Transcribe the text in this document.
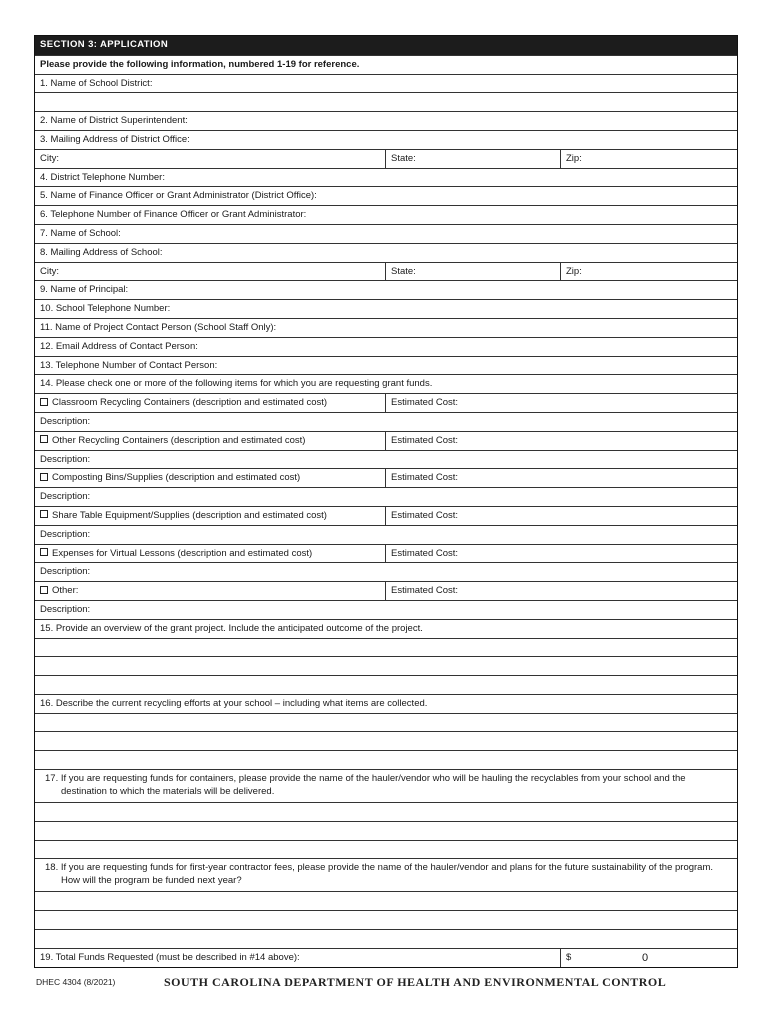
SECTION 3: APPLICATION
Please provide the following information, numbered 1-19 for reference.
1. Name of School District:
2. Name of District Superintendent:
3. Mailing Address of District Office:
City:	State:	Zip:
4. District Telephone Number:
5. Name of Finance Officer or Grant Administrator (District Office):
6. Telephone Number of Finance Officer or Grant Administrator:
7. Name of School:
8. Mailing Address of School:
City:	State:	Zip:
9. Name of Principal:
10. School Telephone Number:
11. Name of Project Contact Person (School Staff Only):
12. Email Address of Contact Person:
13. Telephone Number of Contact Person:
14. Please check one or more of the following items for which you are requesting grant funds.
Classroom Recycling Containers (description and estimated cost)	Estimated Cost:
Description:
Other Recycling Containers (description and estimated cost)	Estimated Cost:
Description:
Composting Bins/Supplies (description and estimated cost)	Estimated Cost:
Description:
Share Table Equipment/Supplies (description and estimated cost)	Estimated Cost:
Description:
Expenses for Virtual Lessons (description and estimated cost)	Estimated Cost:
Description:
Other:	Estimated Cost:
Description:
15. Provide an overview of the grant project. Include the anticipated outcome of the project.
16. Describe the current recycling efforts at your school – including what items are collected.
17. If you are requesting funds for containers, please provide the name of the hauler/vendor who will be hauling the recyclables from your school and the destination to which the materials will be delivered.
18. If you are requesting funds for first-year contractor fees, please provide the name of the hauler/vendor and plans for the future sustainability of the program. How will the program be funded next year?
19. Total Funds Requested (must be described in #14 above):	$	0
DHEC 4304 (8/2021)	SOUTH CAROLINA DEPARTMENT OF HEALTH AND ENVIRONMENTAL CONTROL
